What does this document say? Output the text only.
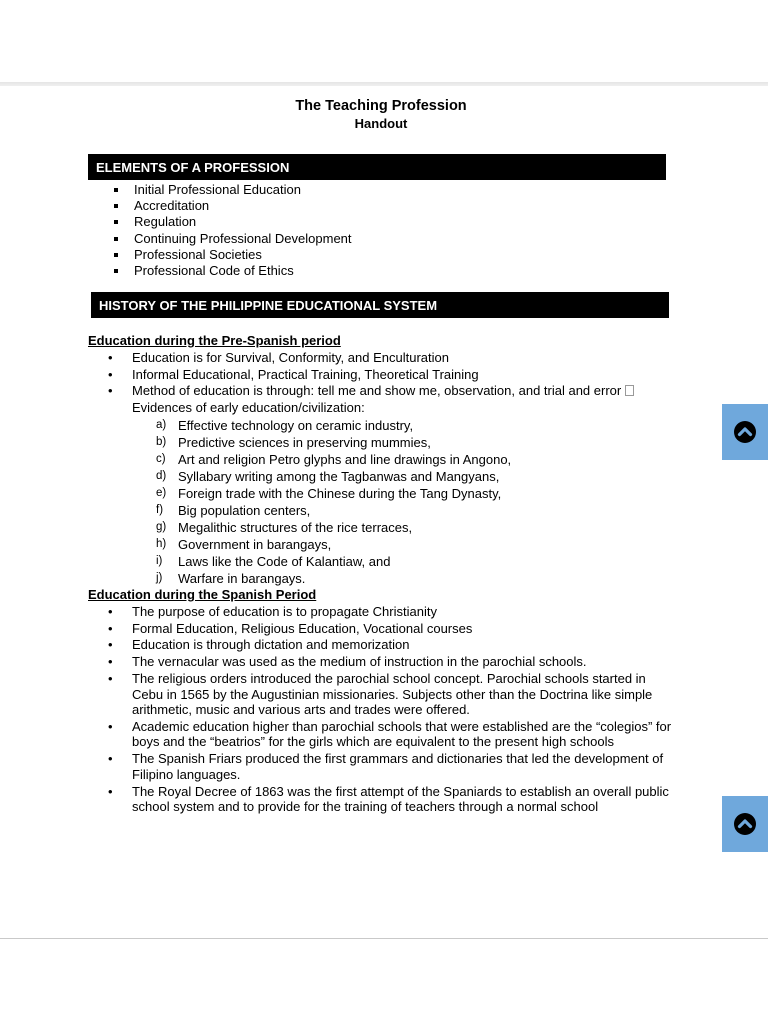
The Teaching Profession
Handout
ELEMENTS OF A PROFESSION
Initial Professional Education
Accreditation
Regulation
Continuing Professional Development
Professional Societies
Professional Code of Ethics
HISTORY OF THE PHILIPPINE EDUCATIONAL SYSTEM

Education during the Pre-Spanish period

• Education is for Survival, Conformity, and Enculturation
• Informal Educational, Practical Training, Theoretical Training
• Method of education is through: tell me and show me, observation, and trial and error
Evidences of early education/civilization:
a) Effective technology on ceramic industry,
b) Predictive sciences in preserving mummies,
c) Art and religion Petro glyphs and line drawings in Angono,
d) Syllabary writing among the Tagbanwas and Mangyans,
e) Foreign trade with the Chinese during the Tang Dynasty,
f) Big population centers,
g) Megalithic structures of the rice terraces,
h) Government in barangays,
i) Laws like the Code of Kalantiaw, and
j) Warfare in barangays.

Education during the Spanish Period

• The purpose of education is to propagate Christianity
• Formal Education, Religious Education, Vocational courses
• Education is through dictation and memorization
• The vernacular was used as the medium of instruction in the parochial schools.
• The religious orders introduced the parochial school concept. Parochial schools started in Cebu in 1565 by the Augustinian missionaries. Subjects other than the Doctrina like simple arithmetic, music and various arts and trades were offered.
• Academic education higher than parochial schools that were established are the “colegios” for boys and the “beatrios” for the girls which are equivalent to the present high schools
• The Spanish Friars produced the first grammars and dictionaries that led the development of Filipino languages.
• The Royal Decree of 1863 was the first attempt of the Spaniards to establish an overall public school system and to provide for the training of teachers through a normal school
